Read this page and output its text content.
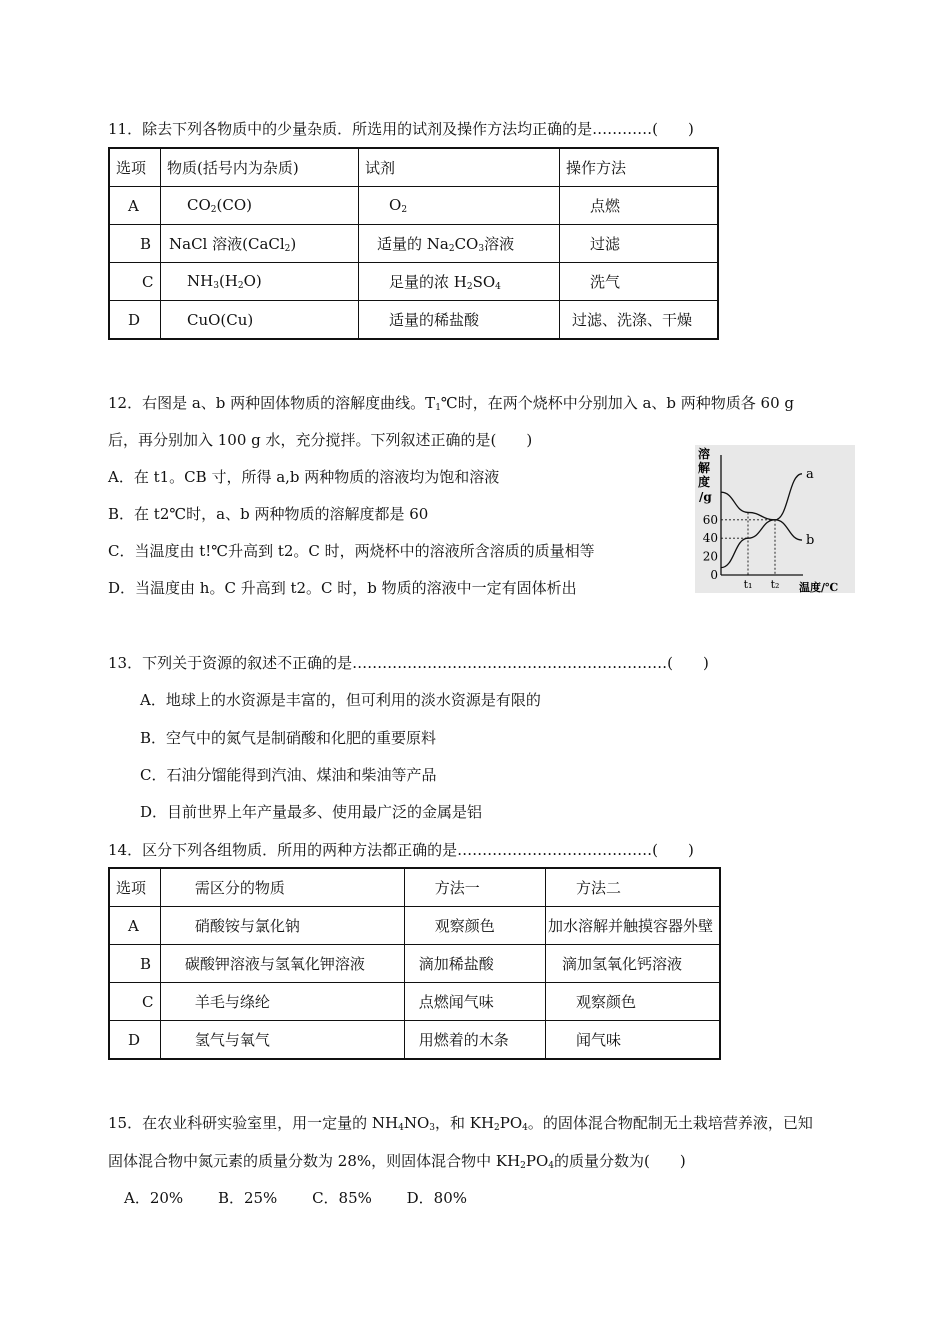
11．除去下列各物质中的少量杂质．所选用的试剂及操作方法均正确的是…………(　　)
选项	物质(括号内为杂质)	试剂	操作方法
A	$CO_2(CO)$	$O_2$	点燃
B	NaCl 溶液(CaCl$_2$)	适量的 $Na_2CO_3$溶液	过滤
C	$NH_3(H_2O)$	足量的浓 $H_2SO_4$	洗气
D	CuO(Cu)	适量的稀盐酸	过滤、洗涤、干燥
12．右图是 a、b 两种固体物质的溶解度曲线。$T_1℃$时，在两个烧杯中分别加入 a、b 两种物质各 60 g
后，再分别加入 100 g 水，充分搅拌。下列叙述正确的是(　　)
A．在 t1。CB 寸，所得 a,b 两种物质的溶液均为饱和溶液
B．在 t2℃时，a、b 两种物质的溶解度都是 60
C．当温度由 t!℃升高到 t2。C 时，两烧杯中的溶液所含溶质的质量相等
D．当温度由 h。C 升高到 t2。C 时，b 物质的溶液中一定有固体析出
溶
解
度
/g
温度/℃
0
20
40
60
t₁ t₂
a
b
13．下列关于资源的叙述不正确的是………………………………………………………(　　)
A．地球上的水资源是丰富的，但可利用的淡水资源是有限的
B．空气中的氮气是制硝酸和化肥的重要原料
C．石油分馏能得到汽油、煤油和柴油等产品
D．目前世界上年产量最多、使用最广泛的金属是铝
14．区分下列各组物质．所用的两种方法都正确的是…………………………………(　　)
选项	需区分的物质	方法一	方法二
A	硝酸铵与氯化钠	观察颜色	加水溶解并触摸容器外壁
B	碳酸钾溶液与氢氧化钾溶液	滴加稀盐酸	滴加氢氧化钙溶液
C	羊毛与绦纶	点燃闻气味	观察颜色
D	氢气与氧气	用燃着的木条	闻气味
15．在农业科研实验室里，用一定量的 $NH_4NO_3$，和 $KH_2PO_4$。的固体混合物配制无土栽培营养液，已知
固体混合物中氮元素的质量分数为 28%，则固体混合物中 $KH_2PO_4$的质量分数为(　　)
A．20%　　 B．25%　　 C．85%　　 D．80%
